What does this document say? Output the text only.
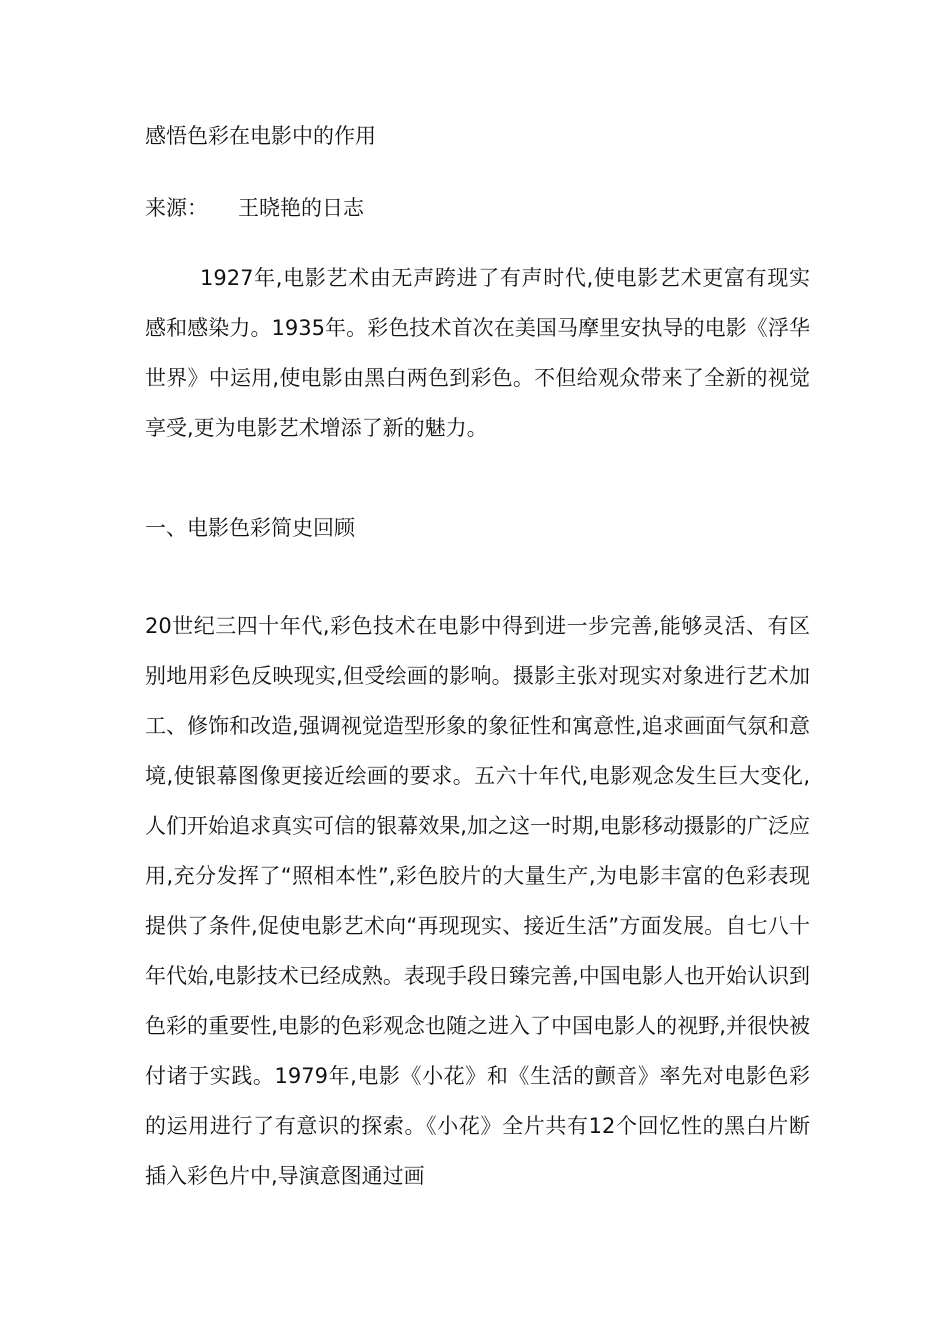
感悟色彩在电影中的作用
来源： 王晓艳的日志

1927年,电影艺术由无声跨进了有声时代,使电影艺术更富有现实感和感染力。1935年。彩色技术首次在美国马摩里安执导的电影《浮华世界》中运用,使电影由黑白两色到彩色。不但给观众带来了全新的视觉享受,更为电影艺术增添了新的魅力。

一、电影色彩简史回顾

20世纪三四十年代,彩色技术在电影中得到进一步完善,能够灵活、有区别地用彩色反映现实,但受绘画的影响。摄影主张对现实对象进行艺术加工、修饰和改造,强调视觉造型形象的象征性和寓意性,追求画面气氛和意境,使银幕图像更接近绘画的要求。五六十年代,电影观念发生巨大变化,人们开始追求真实可信的银幕效果,加之这一时期,电影移动摄影的广泛应用,充分发挥了“照相本性”,彩色胶片的大量生产,为电影丰富的色彩表现提供了条件,促使电影艺术向“再现现实、接近生活”方面发展。自七八十年代始,电影技术已经成熟。表现手段日臻完善,中国电影人也开始认识到色彩的重要性,电影的色彩观念也随之进入了中国电影人的视野,并很快被付诸于实践。1979年,电影《小花》和《生活的颤音》率先对电影色彩的运用进行了有意识的探索。《小花》全片共有12个回忆性的黑白片断插入彩色片中,导演意图通过画
